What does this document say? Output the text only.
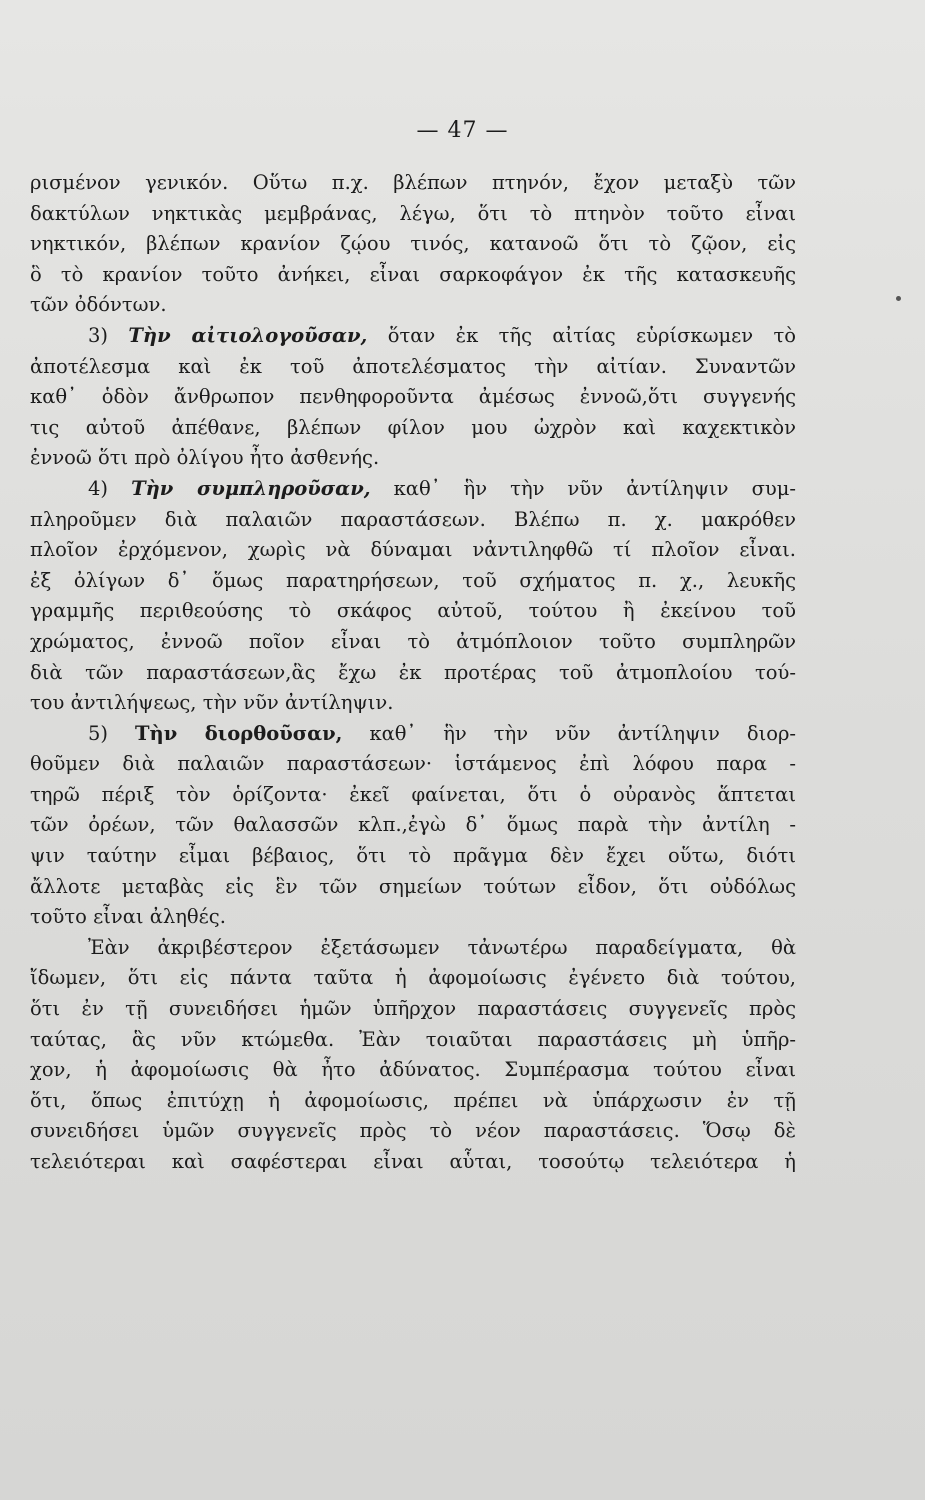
— 47 —
ρισμένον γενικόν. Οὕτω π.χ. βλέπων πτηνόν, ἔχον μεταξὺ τῶν
δακτύλων νηκτικὰς μεμβράνας, λέγω, ὅτι τὸ πτηνὸν τοῦτο εἶναι
νηκτικόν, βλέπων κρανίον ζῴου τινός, κατανοῶ ὅτι τὸ ζῷον, εἰς
ὃ τὸ κρανίον τοῦτο ἀνήκει, εἶναι σαρκοφάγον ἐκ τῆς κατασκευῆς
τῶν ὀδόντων.
3) Τὴν αἰτιολογοῦσαν, ὅταν ἐκ τῆς αἰτίας εὑρίσκωμεν τὸ
ἀποτέλεσμα καὶ ἐκ τοῦ ἀποτελέσματος τὴν αἰτίαν. Συναντῶν
καθ᾽ ὁδὸν ἄνθρωπον πενθηφοροῦντα ἀμέσως ἐννοῶ,ὅτι συγγενής
τις αὐτοῦ ἀπέθανε, βλέπων φίλον μου ὠχρὸν καὶ καχεκτικὸν
ἐννοῶ ὅτι πρὸ ὀλίγου ἦτο ἀσθενής.
4) Τὴν συμπληροῦσαν, καθ᾽ ἣν τὴν νῦν ἀντίληψιν συμ-
πληροῦμεν διὰ παλαιῶν παραστάσεων. Βλέπω π. χ. μακρόθεν
πλοῖον ἐρχόμενον, χωρὶς νὰ δύναμαι νἀντιληφθῶ τί πλοῖον εἶναι.
ἐξ ὀλίγων δ᾽ ὅμως παρατηρήσεων, τοῦ σχήματος π. χ., λευκῆς
γραμμῆς περιθεούσης τὸ σκάφος αὐτοῦ, τούτου ἢ ἐκείνου τοῦ
χρώματος, ἐννοῶ ποῖον εἶναι τὸ ἀτμόπλοιον τοῦτο συμπληρῶν
διὰ τῶν παραστάσεων,ἃς ἔχω ἐκ προτέρας τοῦ ἀτμοπλοίου τού-
του ἀντιλήψεως, τὴν νῦν ἀντίληψιν.
5) Τὴν διορθοῦσαν, καθ᾽ ἣν τὴν νῦν ἀντίληψιν διορ-
θοῦμεν διὰ παλαιῶν παραστάσεων· ἱστάμενος ἐπὶ λόφου παρα -
τηρῶ πέριξ τὸν ὁρίζοντα· ἐκεῖ φαίνεται, ὅτι ὁ οὐρανὸς ἅπτεται
τῶν ὀρέων, τῶν θαλασσῶν κλπ.,ἐγὼ δ᾽ ὅμως παρὰ τὴν ἀντίλη -
ψιν ταύτην εἶμαι βέβαιος, ὅτι τὸ πρᾶγμα δὲν ἔχει οὕτω, διότι
ἄλλοτε μεταβὰς εἰς ἓν τῶν σημείων τούτων εἶδον, ὅτι οὐδόλως
τοῦτο εἶναι ἀληθές.
Ἐὰν ἀκριβέστερον ἐξετάσωμεν τἀνωτέρω παραδείγματα, θὰ
ἴδωμεν, ὅτι εἰς πάντα ταῦτα ἡ ἀφομοίωσις ἐγένετο διὰ τούτου,
ὅτι ἐν τῇ συνειδήσει ἡμῶν ὑπῆρχον παραστάσεις συγγενεῖς πρὸς
ταύτας, ἃς νῦν κτώμεθα. Ἐὰν τοιαῦται παραστάσεις μὴ ὑπῆρ-
χον, ἡ ἀφομοίωσις θὰ ἦτο ἀδύνατος. Συμπέρασμα τούτου εἶναι
ὅτι, ὅπως ἐπιτύχῃ ἡ ἀφομοίωσις, πρέπει νὰ ὑπάρχωσιν ἐν τῇ
συνειδήσει ὑμῶν συγγενεῖς πρὸς τὸ νέον παραστάσεις. Ὅσῳ δὲ
τελειότεραι καὶ σαφέστεραι εἶναι αὗται, τοσούτῳ τελειότερα ἡ
